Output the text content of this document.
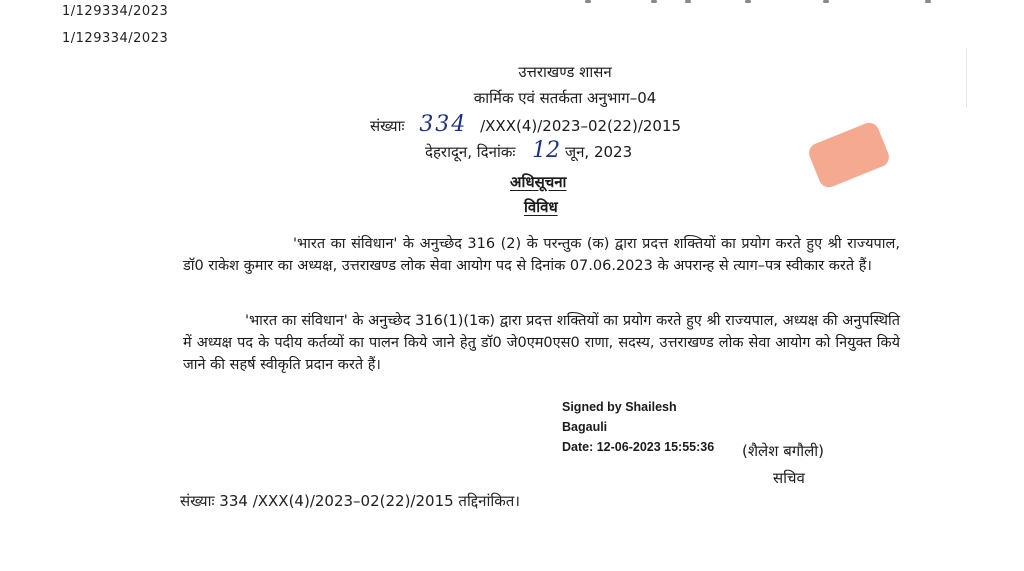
1/129334/2023
1/129334/2023
उत्तराखण्ड शासन
कार्मिक एवं सतर्कता अनुभाग–04
संख्याः 334 /XXX(4)/2023–02(22)/2015
देहरादून, दिनांकः 12 जून, 2023
अधिसूचना
विविध
'भारत का संविधान' के अनुच्छेद 316 (2) के परन्तुक (क) द्वारा प्रदत्त शक्तियों का प्रयोग करते हुए श्री राज्यपाल, डॉ0 राकेश कुमार का अध्यक्ष, उत्तराखण्ड लोक सेवा आयोग पद से दिनांक 07.06.2023 के अपरान्ह से त्याग–पत्र स्वीकार करते हैं।
'भारत का संविधान' के अनुच्छेद 316(1)(1क) द्वारा प्रदत्त शक्तियों का प्रयोग करते हुए श्री राज्यपाल, अध्यक्ष की अनुपस्थिति में अध्यक्ष पद के पदीय कर्तव्यों का पालन किये जाने हेतु डॉ0 जे0एम0एस0 राणा, सदस्य, उत्तराखण्ड लोक सेवा आयोग को नियुक्त किये जाने की सहर्ष स्वीकृति प्रदान करते हैं।
Signed by Shailesh
Bagauli
Date: 12-06-2023 15:55:36 (शैलेश बगौली)
सचिव
संख्याः 334 /XXX(4)/2023–02(22)/2015 तद्दिनांकित।
